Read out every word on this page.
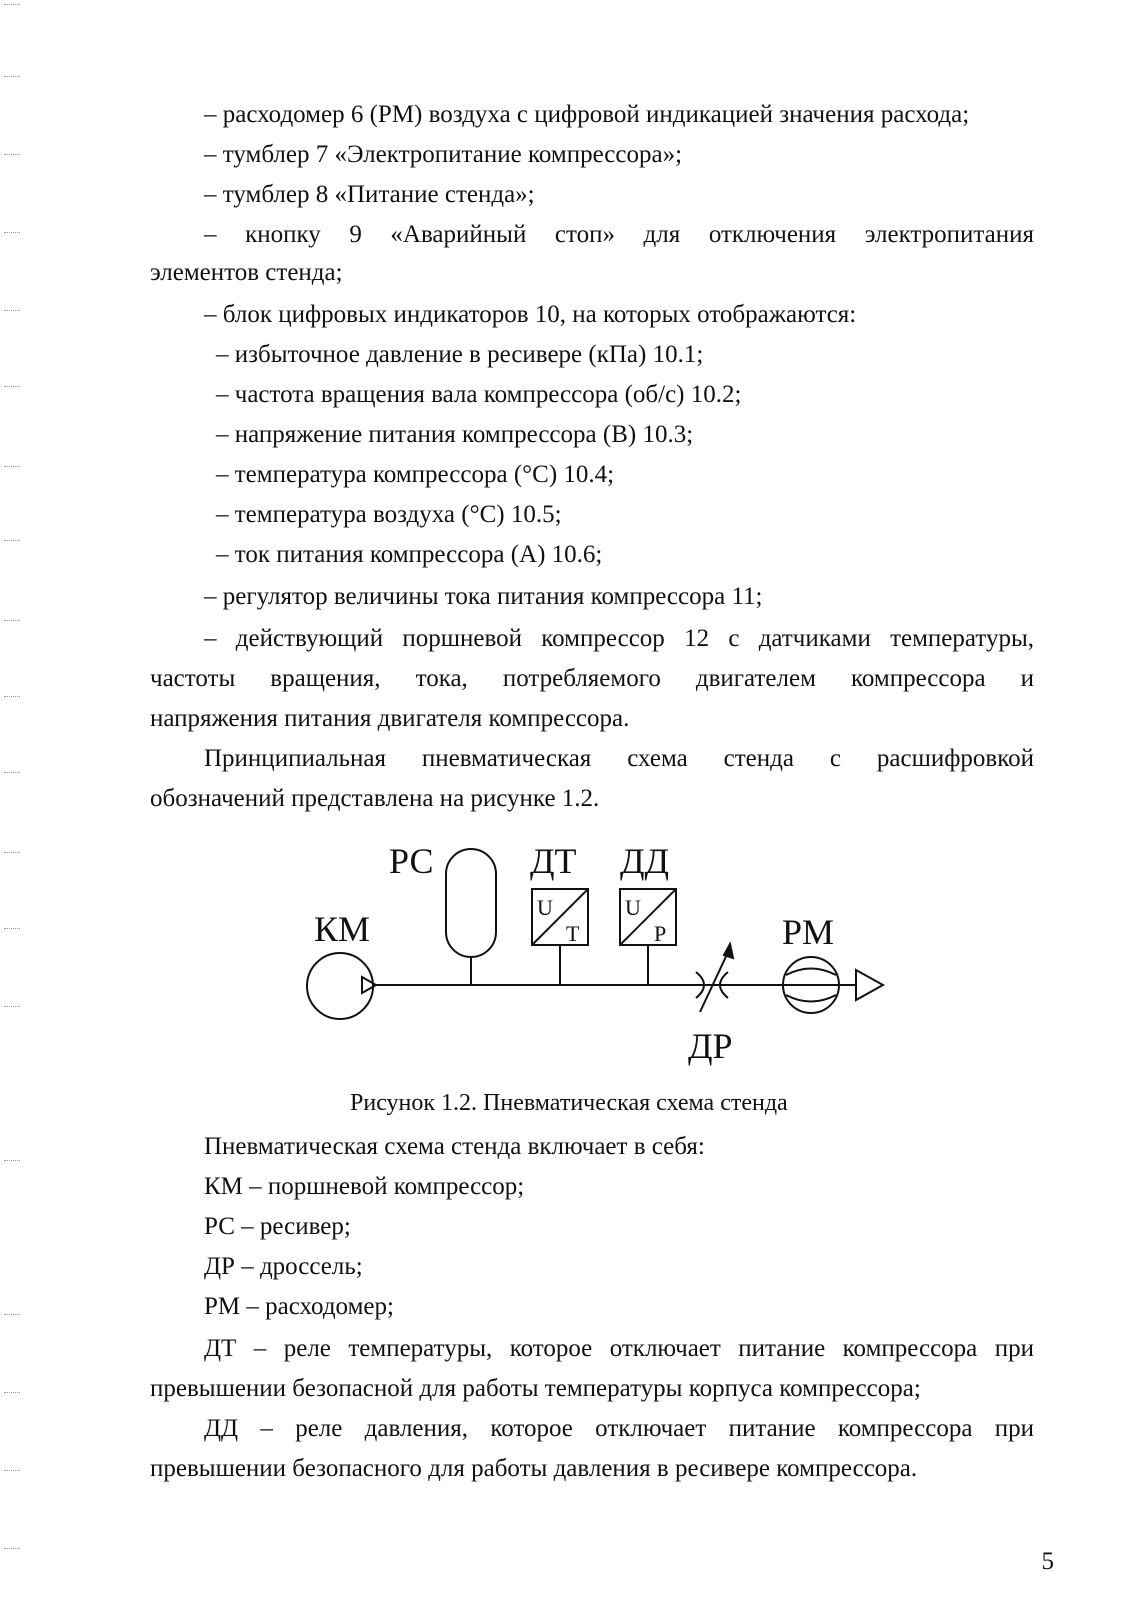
– расходомер 6 (РМ) воздуха с цифровой индикацией значения расхода;

– тумблер 7 «Электропитание компрессора»;

– тумблер 8 «Питание стенда»;

– кнопку 9 «Аварийный стоп» для отключения электропитания

элементов стенда;

– блок цифровых индикаторов 10, на которых отображаются:

– избыточное давление в ресивере (кПа) 10.1;

– частота вращения вала компрессора (об/с) 10.2;

– напряжение питания компрессора (В) 10.3;

– температура компрессора (°С) 10.4;

– температура воздуха (°С) 10.5;

– ток питания компрессора (А) 10.6;

– регулятор величины тока питания компрессора 11;

– действующий поршневой компрессор 12 с датчиками температуры,

частоты вращения, тока, потребляемого двигателем компрессора и

напряжения питания двигателя компрессора.

Принципиальная пневматическая схема стенда с расшифровкой

обозначений представлена на рисунке 1.2.

КМ
РС	ДТ ДД
РМ
ДР
U
T
U
P
Рисунок 1.2. Пневматическая схема стенда

Пневматическая схема стенда включает в себя:

КМ – поршневой компрессор;

РС – ресивер;

ДР – дроссель;

РМ – расходомер;

ДТ – реле температуры, которое отключает питание компрессора при

превышении безопасной для работы температуры корпуса компрессора;

ДД – реле давления, которое отключает питание компрессора при

превышении безопасного для работы давления в ресивере компрессора.

5
